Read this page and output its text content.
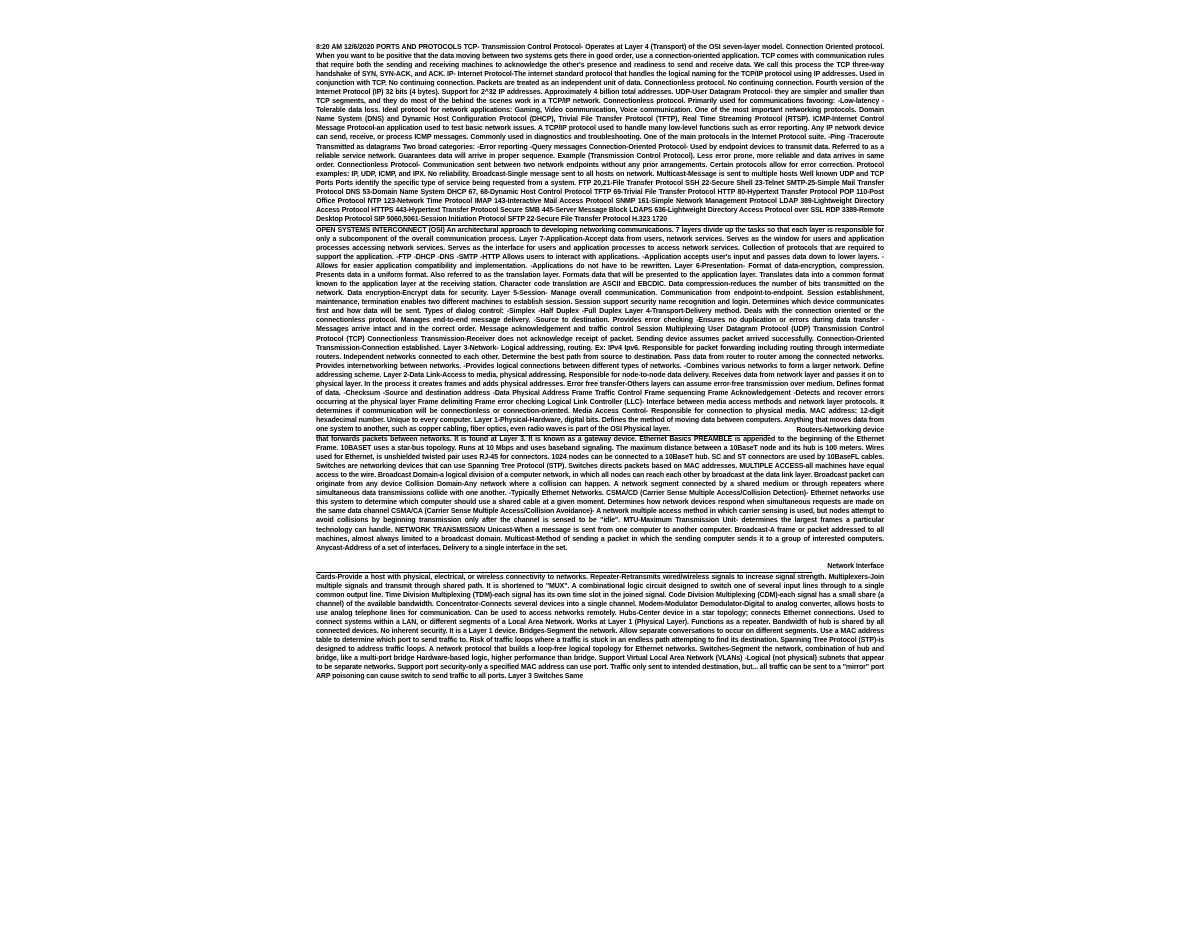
8:20 AM 12/6/2020 PORTS AND PROTOCOLS TCP- Transmission Control Protocol- Operates at Layer 4 (Transport) of the OSI seven-layer model. Connection Oriented protocol. When you want to be positive that the data moving between two systems gets there in good order, use a connection-oriented application. TCP comes with communication rules that require both the sending and receiving machines to acknowledge the other's presence and readiness to send and receive data. We call this process the TCP three-way handshake of SYN, SYN-ACK, and ACK. IP- Internet Protocol-The internet standard protocol that handles the logical naming for the TCP/IP protocol using IP addresses. Used in conjunction with TCP. No continuing connection. Packets are treated as an independent unit of data. Connectionless protocol. No continuing connection. Fourth version of the Internet Protocol (IP) 32 bits (4 bytes). Support for 2^32 IP addresses. Approximately 4 billion total addresses. UDP-User Datagram Protocol- they are simpler and smaller than TCP segments, and they do most of the behind the scenes work in a TCP/IP network. Connectionless protocol. Primarily used for communications favoring: -Low-latency -Tolerable data loss. Ideal protocol for network applications: Gaming, Video communication, Voice communication. One of the most important networking protocols. Domain Name System (DNS) and Dynamic Host Configuration Protocol (DHCP), Trivial File Transfer Protocol (TFTP), Real Time Streaming Protocol (RTSP). ICMP-Internet Control Message Protocol-an application used to test basic network issues. A TCP/IP protocol used to handle many low-level functions such as error reporting. Any IP network device can send, receive, or process ICMP messages. Commonly used in diagnostics and troubleshooting. One of the main protocols in the Internet Protocol suite. -Ping -Traceroute Transmitted as datagrams Two broad categories: -Error reporting -Query messages Connection-Oriented Protocol- Used by endpoint devices to transmit data. Referred to as a reliable service network. Guarantees data will arrive in proper sequence. Example (Transmission Control Protocol). Less error prone, more reliable and data arrives in same order. Connectionless Protocol- Communication sent between two network endpoints without any prior arrangements. Certain protocols allow for error correction. Protocol examples: IP, UDP, ICMP, and IPX. No reliability. Broadcast-Single message sent to all hosts on network. Multicast-Message is sent to multiple hosts Well known UDP and TCP Ports Ports identify the specific type of service being requested from a system. FTP 20,21-File Transfer Protocol SSH 22-Secure Shell 23-Telnet SMTP-25-Simple Mail Transfer Protocol DNS 53-Domain Name System DHCP 67, 68-Dynamic Host Control Protocol TFTP 69-Trivial File Transfer Protocol HTTP 80-Hypertext Transfer Protocol POP 110-Post Office Protocol NTP 123-Network Time Protocol IMAP 143-Interactive Mail Access Protocol SNMP 161-Simple Network Management Protocol LDAP 389-Lightweight Directory Access Protocol HTTPS 443-Hypertext Transfer Protocol Secure SMB 445-Server Message Block LDAPS 636-Lightweight Directory Access Protocol over SSL RDP 3389-Remote Desktop Protocol SIP 5060,5061-Session Initiation Protocol SFTP 22-Secure File Transfer Protocol H.323 1720

OPEN SYSTEMS INTERCONNECT (OSI) An architectural approach to developing networking communications. 7 layers divide up the tasks so that each layer is responsible for only a subcomponent of the overall communication process. Layer 7-Application-Accept data from users, network services. Serves as the window for users and application processes accessing network services. Serves as the interface for users and application processes to access network services. Collection of protocols that are required to support the application. -FTP -DHCP -DNS -SMTP -HTTP Allows users to interact with applications. -Application accepts user's input and passes data down to lower layers. -Allows for easier application compatibility and implementation. -Applications do not have to be rewritten. Layer 6-Presentation- Format of data-encryption, compression. Presents data in a uniform format. Also referred to as the translation layer. Formats data that will be presented to the application layer. Translates data into a common format known to the application layer at the receiving station. Character code translation are ASCII and EBCDIC. Data compression-reduces the number of bits transmitted on the network. Data encryption-Encrypt data for security. Layer 5-Session- Manage overall communication. Communication from endpoint-to-endpoint. Session establishment, maintenance, termination enables two different machines to establish session. Session support security name recognition and login. Determines which device communicates first and how data will be sent. Types of dialog control: -Simplex -Half Duplex -Full Duplex Layer 4-Transport-Delivery method. Deals with the connection oriented or the connectionless protocol. Manages end-to-end message delivery. -Source to destination. Provides error checking -Ensures no duplication or errors during data transfer -Messages arrive intact and in the correct order. Message acknowledgement and traffic control Session Multiplexing User Datagram Protocol (UDP) Transmission Control Protocol (TCP) Connectionless Transmission-Receiver does not acknowledge receipt of packet. Sending device assumes packet arrived successfully. Connection-Oriented Transmission-Connection established. Layer 3-Network- Logical addressing, routing. Ex: IPv4 Ipv6. Responsible for packet forwarding including routing through intermediate routers. Independent networks connected to each other. Determine the best path from source to destination. Pass data from router to router among the connected networks. Provides internetworking between networks. -Provides logical connections between different types of networks. -Combines various networks to form a larger network. Define addressing scheme. Layer 2-Data Link-Access to media, physical addressing. Responsible for node-to-node data delivery. Receives data from network layer and passes it on to physical layer. In the process it creates frames and adds physical addresses. Error free transfer-Others layers can assume error-free transmission over medium. Defines format of data. -Checksum -Source and destination address -Data Physical Address Frame Traffic Control Frame sequencing Frame Acknowledgement -Detects and recover errors occurring at the physical layer Frame delimiting Frame error checking Logical Link Controller (LLC)- Interface between media access methods and network layer protocols. It determines if communication will be connectionless or connection-oriented. Media Access Control- Responsible for connection to physical media. MAC address: 12-digit hexadecimal number. Unique to every computer. Layer 1-Physical-Hardware, digital bits. Defines the method of moving data between computers. Anything that moves data from one system to another, such as copper cabling, fiber optics, even radio waves is part of the OSI Physical layer.	Routers-Networking device

that forwards packets between networks. It is found at Layer 3. It is known as a gateway device. Ethernet Basics PREAMBLE is appended to the beginning of the Ethernet Frame. 10BASET uses a star-bus topology. Runs at 10 Mbps and uses baseband signaling. The maximum distance between a 10BaseT node and its hub is 100 meters. Wires used for Ethernet, is unshielded twisted pair uses RJ-45 for connectors. 1024 nodes can be connected to a 10BaseT hub. SC and ST connectors are used by 10BaseFL cables. Switches are networking devices that can use Spanning Tree Protocol (STP). Switches directs packets based on MAC addresses. MULTIPLE ACCESS-all machines have equal access to the wire. Broadcast Domain-a logical division of a computer network, in which all nodes can reach each other by broadcast at the data link layer. Broadcast packet can originate from any device Collision Domain-Any network where a collision can happen. A network segment connected by a shared medium or through repeaters where simultaneous data transmissions collide with one another. -Typically Ethernet Networks. CSMA/CD (Carrier Sense Multiple Access/Collision Detection)- Ethernet networks use this system to determine which computer should use a shared cable at a given moment. Determines how network devices respond when simultaneous requests are made on the same data channel CSMA/CA (Carrier Sense Multiple Access/Collision Avoidance)- A network multiple access method in which carrier sensing is used, but nodes attempt to avoid collisions by beginning transmission only after the channel is sensed to be "idle". MTU-Maximum Transmission Unit- determines the largest frames a particular technology can handle. NETWORK TRANSMISSION Unicast-When a message is sent from one computer to another computer. Broadcast-A frame or packet addressed to all machines, almost always limited to a broadcast domain. Multicast-Method of sending a packet in which the sending computer sends it to a group of interested computers. Anycast-Address of a set of interfaces. Delivery to a single interface in the set.

Network Interface

Cards-Provide a host with physical, electrical, or wireless connectivity to networks. Repeater-Retransmits wired/wireless signals to increase signal strength. Multiplexers-Join multiple signals and transmit through shared path. It is shortened to "MUX". A combinational logic circuit designed to switch one of several input lines through to a single common output line. Time Division Multiplexing (TDM)-each signal has its own time slot in the joined signal. Code Division Multiplexing (CDM)-each signal has a small share (a channel) of the available bandwidth. Concentrator-Connects several devices into a single channel. Modem-Modulator Demodulator-Digital to analog converter, allows hosts to use analog telephone lines for communication. Can be used to access networks remotely. Hubs-Center device in a star topology; connects Ethernet connections. Used to connect systems within a LAN, or different segments of a Local Area Network. Works at Layer 1 (Physical Layer). Functions as a repeater. Bandwidth of hub is shared by all connected devices. No inherent security. It is a Layer 1 device. Bridges-Segment the network. Allow separate conversations to occur on different segments. Use a MAC address table to determine which port to send traffic to. Risk of traffic loops where a traffic is stuck in an endless path attempting to find its destination. Spanning Tree Protocol (STP)-is designed to address traffic loops. A network protocol that builds a loop-free logical topology for Ethernet networks. Switches-Segment the network, combination of hub and bridge, like a multi-port bridge Hardware-based logic, higher performance than bridge. Support Virtual Local Area Network (VLANs) -Logical (not physical) subnets that appear to be separate networks. Support port security-only a specified MAC address can use port. Traffic only sent to intended destination, but... all traffic can be sent to a "mirror" port ARP poisoning can cause switch to send traffic to all ports. Layer 3 Switches Same
